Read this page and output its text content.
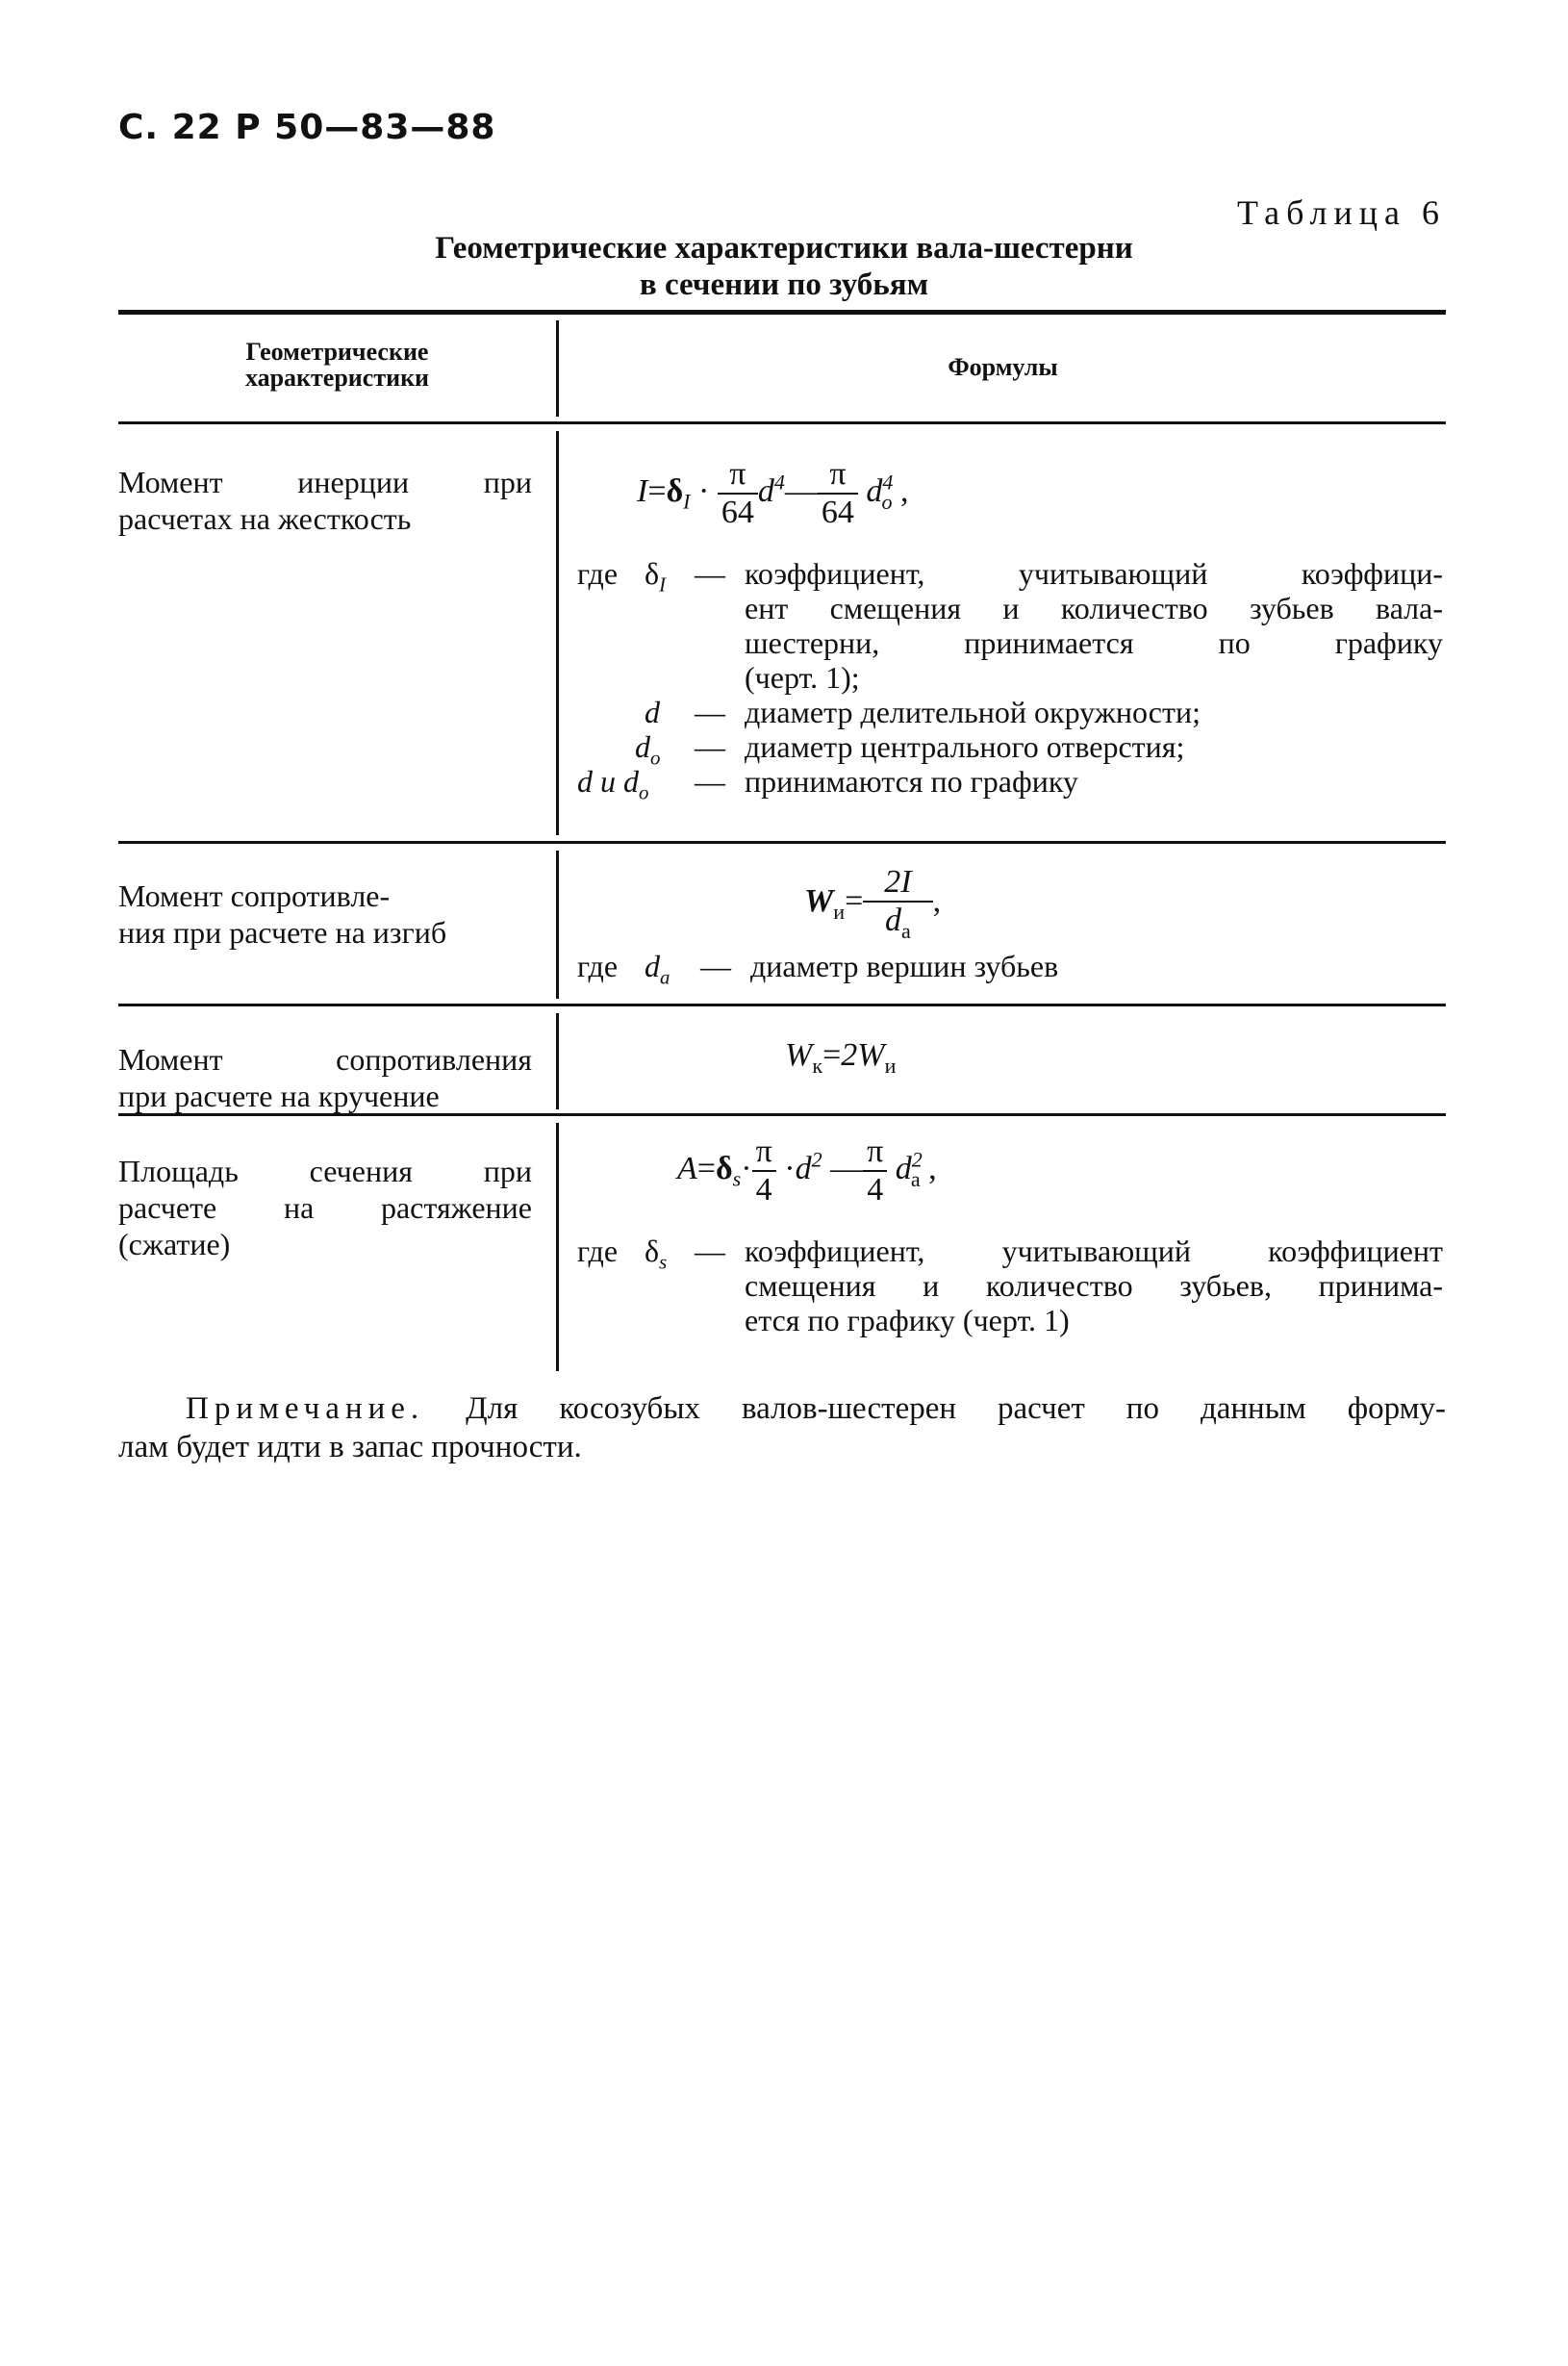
С. 22 Р 50—83—88
Таблица 6
Геометрические характеристики вала-шестерни
в сечении по зубьям
Геометрические
характеристики	Формулы
Момент инерции при
расчетах на жесткость
$I=\delta_I \cdot \frac{\pi}{64}$ $d^4— \frac{\pi}{64} d^4_o$ ,
где $\delta_I$ —
d — диаметр делительной окружности;
$d_o$ — диаметр центрального отверстия;
d и $d_o$ — принимаются по графику
коэффициент, учитывающий коэффици-
ент смещения и количество зубьев вала-
шестерни, принимается по графику
(черт. 1);
Момент сопротивле-
ния при расчете на изгиб
$W_и= \frac{2I}{d_a}$ ,
где $d_a$ — диаметр вершин зубьев
Момент сопротивления
при расчете на кручение
$W_к=2W_и$
Площадь сечения при
расчете на растяжение
(сжатие)
$A=\delta_s\cdot \frac{\pi}{4} \cdot d^2$ — $\frac{\pi}{4} d^2_a$ ,
где $\delta_s$ — коэффициент, учитывающий коэффициент
смещения и количество зубьев, принима-
ется по графику (черт. 1)
Примечание. Для косозубых валов-шестерен расчет по данным форму-
лам будет идти в запас прочности.
